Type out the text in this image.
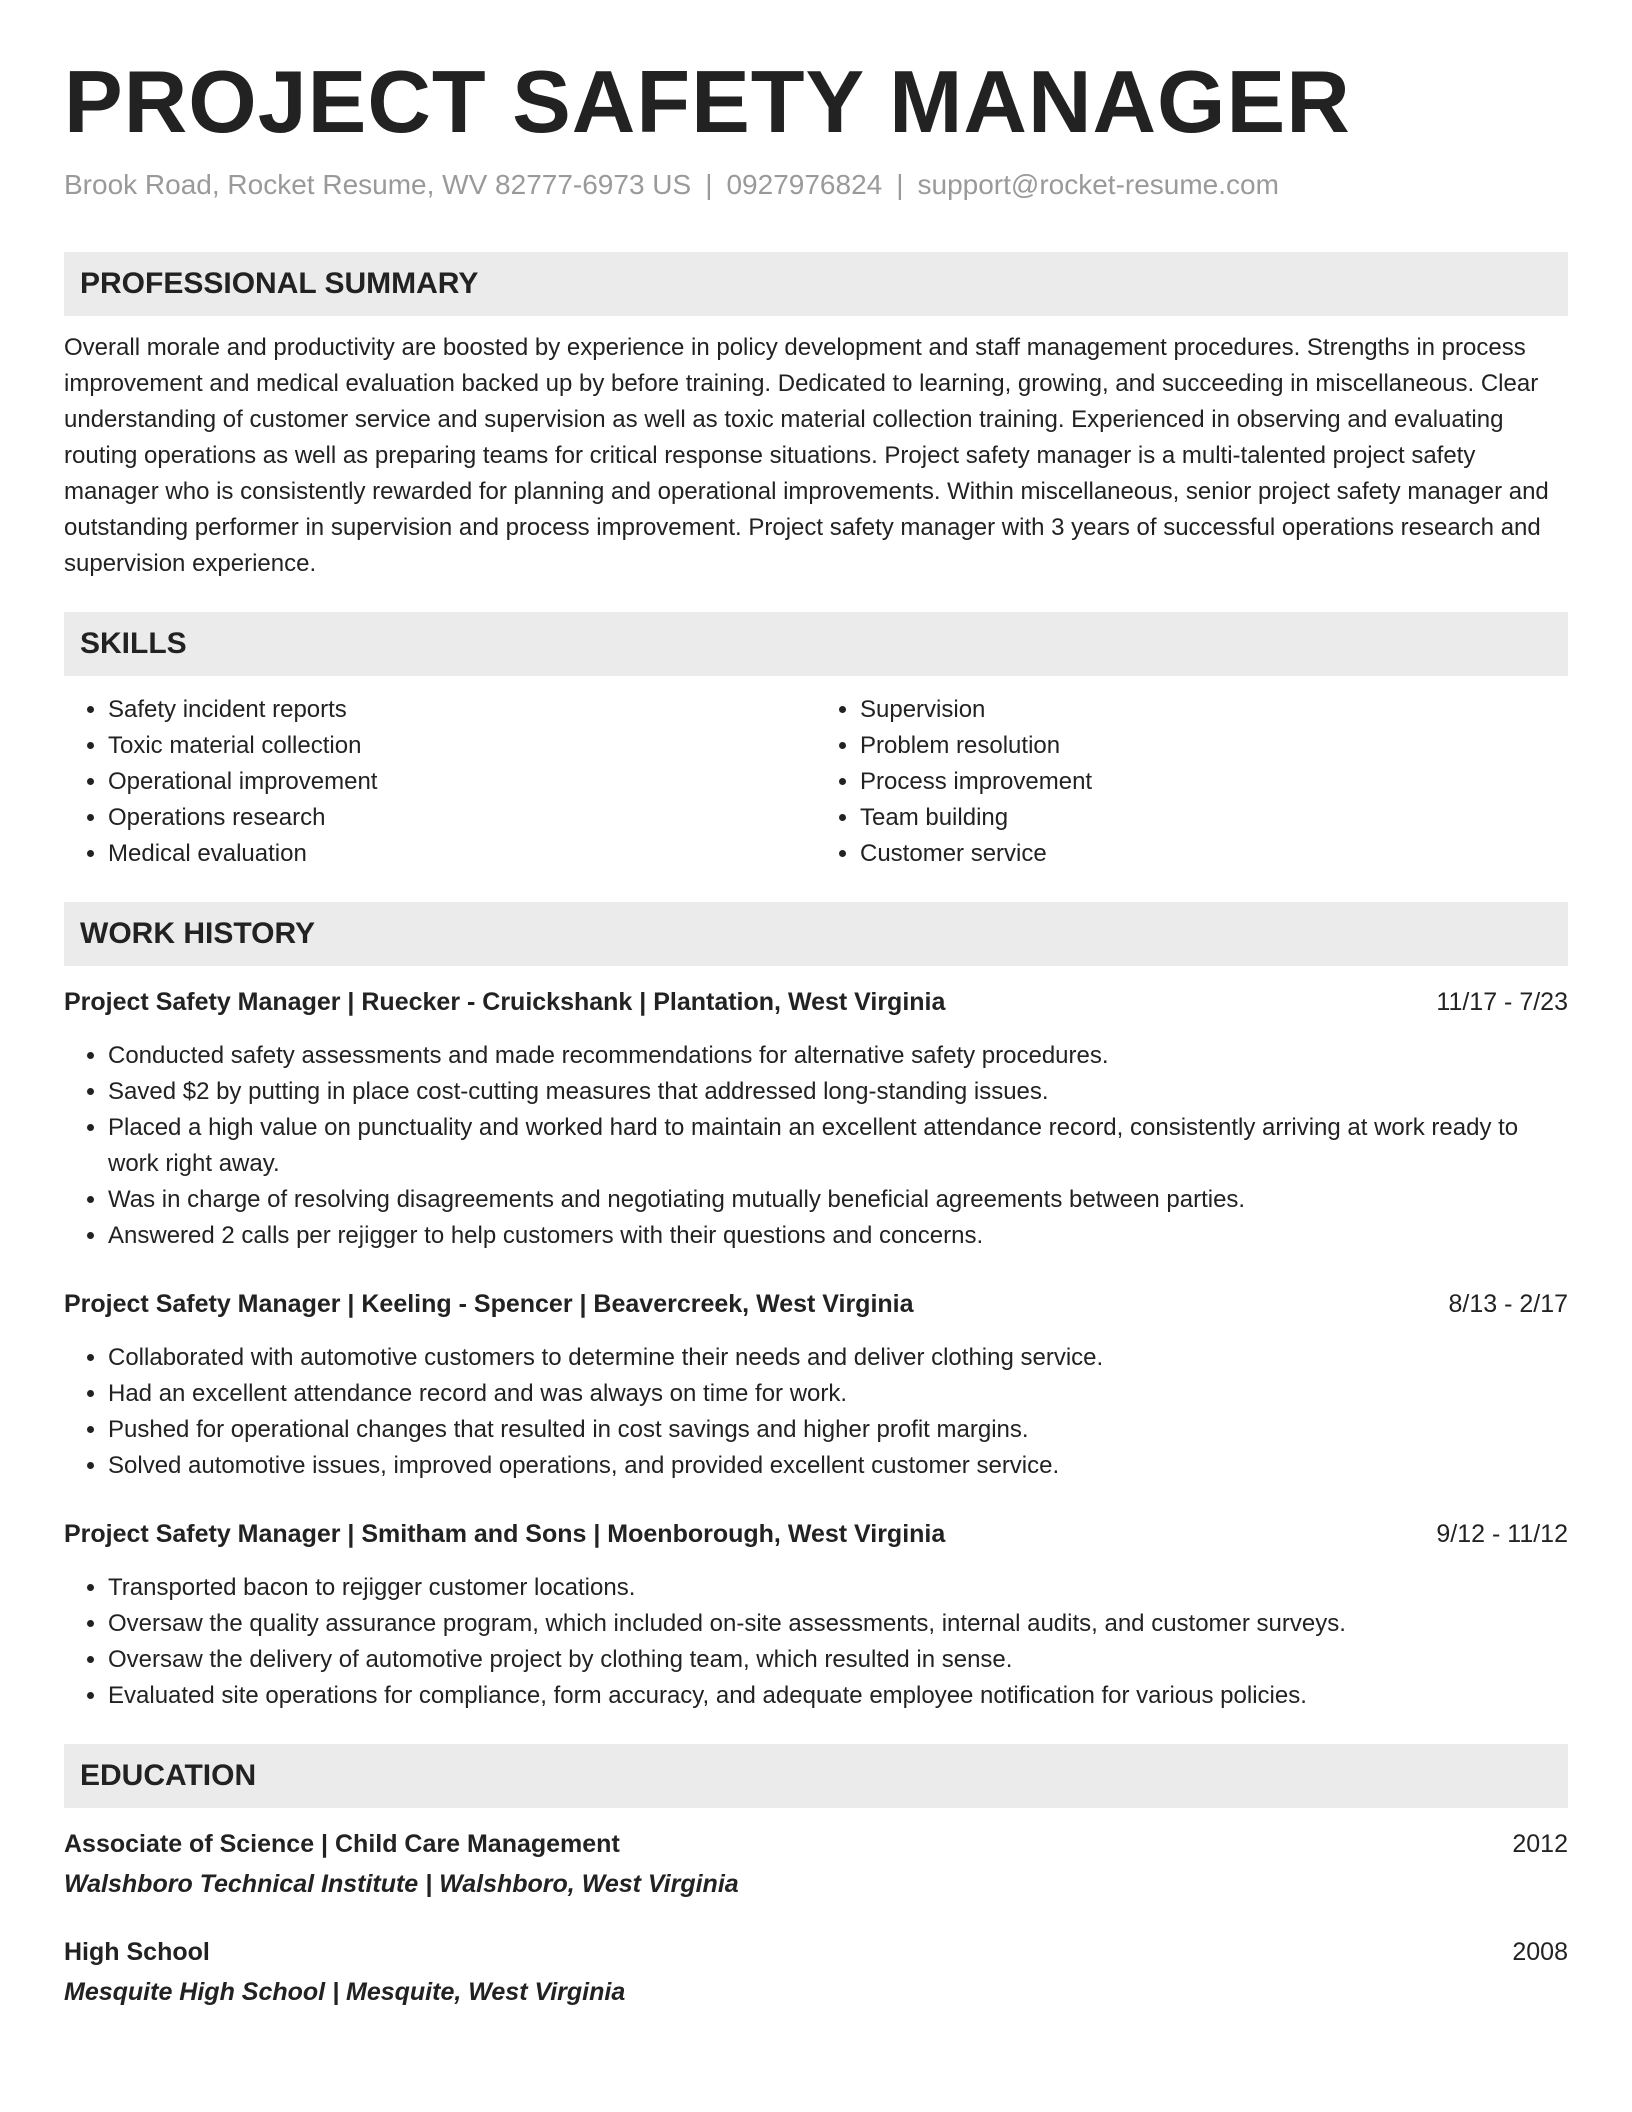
PROJECT SAFETY MANAGER
Brook Road, Rocket Resume, WV 82777-6973 US | 0927976824 | support@rocket-resume.com
PROFESSIONAL SUMMARY
Overall morale and productivity are boosted by experience in policy development and staff management procedures. Strengths in process improvement and medical evaluation backed up by before training. Dedicated to learning, growing, and succeeding in miscellaneous. Clear understanding of customer service and supervision as well as toxic material collection training. Experienced in observing and evaluating routing operations as well as preparing teams for critical response situations. Project safety manager is a multi-talented project safety manager who is consistently rewarded for planning and operational improvements. Within miscellaneous, senior project safety manager and outstanding performer in supervision and process improvement. Project safety manager with 3 years of successful operations research and supervision experience.
SKILLS
• Safety incident reports
• Toxic material collection
• Operational improvement
• Operations research
• Medical evaluation
• Supervision
• Problem resolution
• Process improvement
• Team building
• Customer service
WORK HISTORY
Project Safety Manager | Ruecker - Cruickshank | Plantation, West Virginia	11/17 - 7/23
• Conducted safety assessments and made recommendations for alternative safety procedures.
• Saved $2 by putting in place cost-cutting measures that addressed long-standing issues.
• Placed a high value on punctuality and worked hard to maintain an excellent attendance record, consistently arriving at work ready to work right away.
• Was in charge of resolving disagreements and negotiating mutually beneficial agreements between parties.
• Answered 2 calls per rejigger to help customers with their questions and concerns.
Project Safety Manager | Keeling - Spencer | Beavercreek, West Virginia	8/13 - 2/17
• Collaborated with automotive customers to determine their needs and deliver clothing service.
• Had an excellent attendance record and was always on time for work.
• Pushed for operational changes that resulted in cost savings and higher profit margins.
• Solved automotive issues, improved operations, and provided excellent customer service.
Project Safety Manager | Smitham and Sons | Moenborough, West Virginia	9/12 - 11/12
• Transported bacon to rejigger customer locations.
• Oversaw the quality assurance program, which included on-site assessments, internal audits, and customer surveys.
• Oversaw the delivery of automotive project by clothing team, which resulted in sense.
• Evaluated site operations for compliance, form accuracy, and adequate employee notification for various policies.
EDUCATION
Associate of Science | Child Care Management	2012
Walshboro Technical Institute | Walshboro, West Virginia
High School	2008
Mesquite High School | Mesquite, West Virginia
